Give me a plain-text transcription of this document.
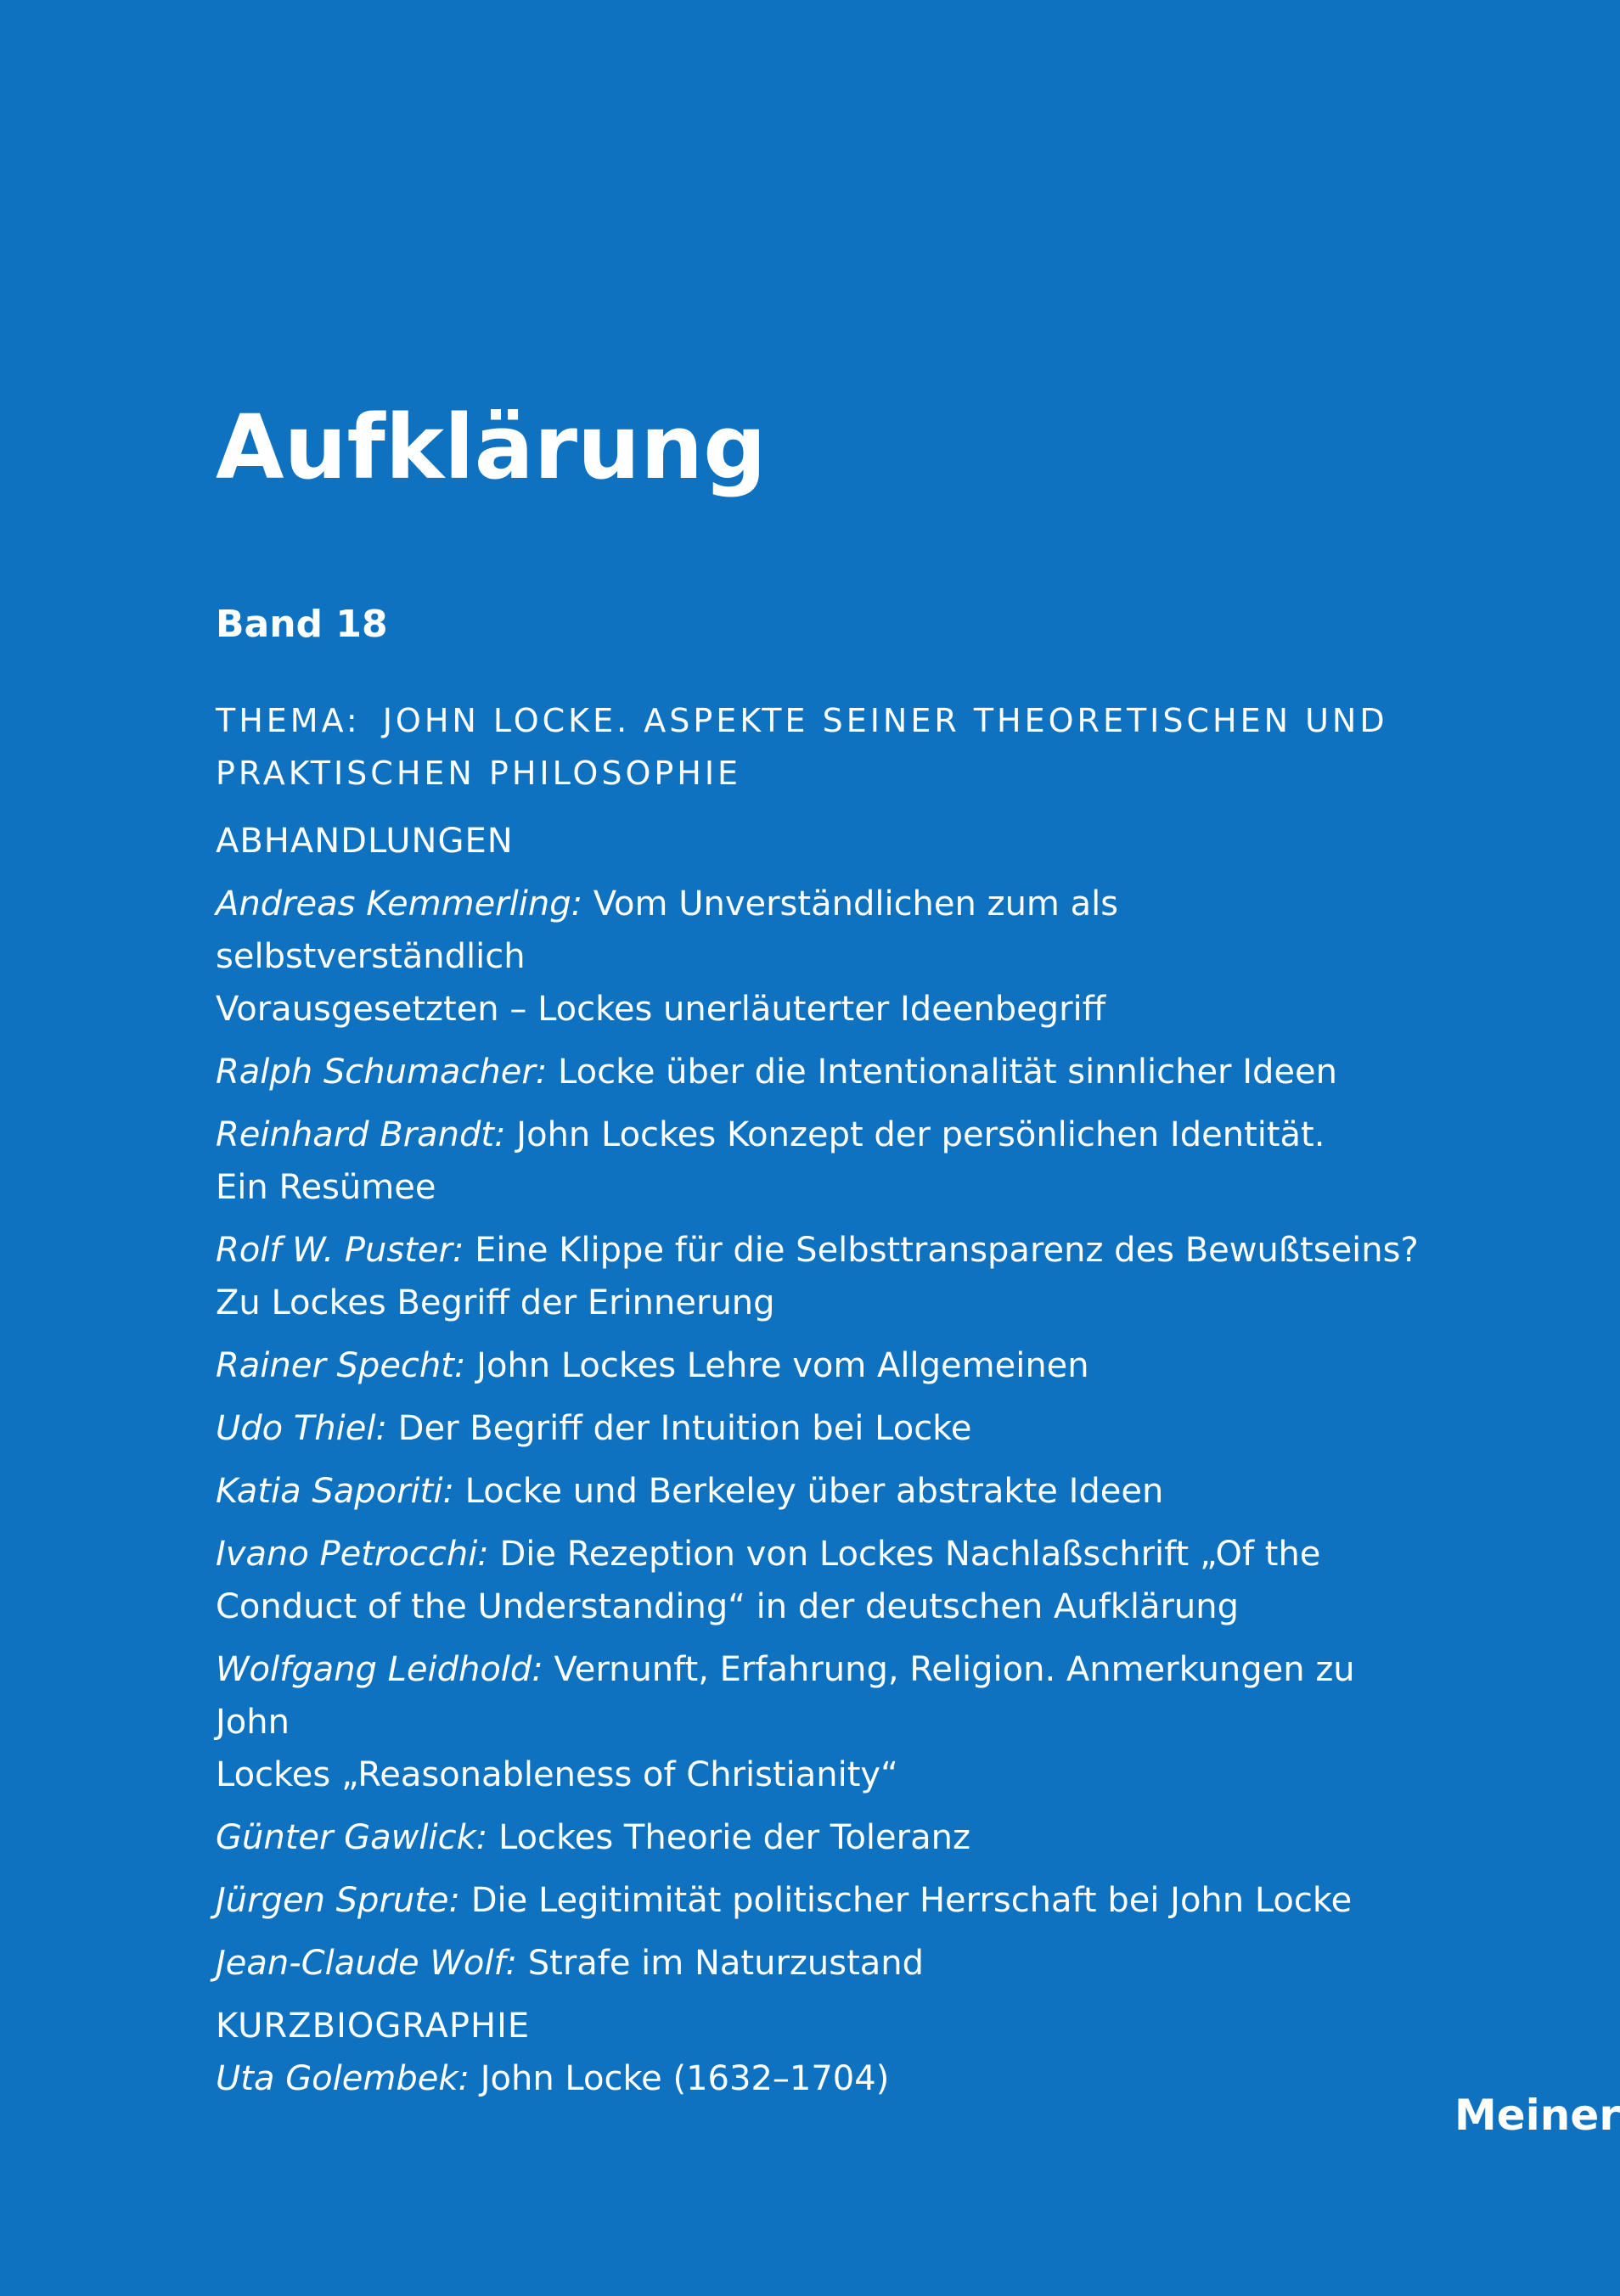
Aufklärung
Band 18
THEMA: JOHN LOCKE. ASPEKTE SEINER THEORETISCHEN UND
PRAKTISCHEN PHILOSOPHIE
ABHANDLUNGEN
Andreas Kemmerling: Vom Unverständlichen zum als selbstverständlich
Vorausgesetzten – Lockes unerläuterter Ideenbegriff
Ralph Schumacher: Locke über die Intentionalität sinnlicher Ideen
Reinhard Brandt: John Lockes Konzept der persönlichen Identität.
Ein Resümee
Rolf W. Puster: Eine Klippe für die Selbsttransparenz des Bewußtseins?
Zu Lockes Begriff der Erinnerung
Rainer Specht: John Lockes Lehre vom Allgemeinen
Udo Thiel: Der Begriff der Intuition bei Locke
Katia Saporiti: Locke und Berkeley über abstrakte Ideen
Ivano Petrocchi: Die Rezeption von Lockes Nachlaßschrift „Of the
Conduct of the Understanding“ in der deutschen Aufklärung
Wolfgang Leidhold: Vernunft, Erfahrung, Religion. Anmerkungen zu John
Lockes „Reasonableness of Christianity“
Günter Gawlick: Lockes Theorie der Toleranz
Jürgen Sprute: Die Legitimität politischer Herrschaft bei John Locke
Jean-Claude Wolf: Strafe im Naturzustand
KURZBIOGRAPHIE
Uta Golembek: John Locke (1632–1704)
Meiner
